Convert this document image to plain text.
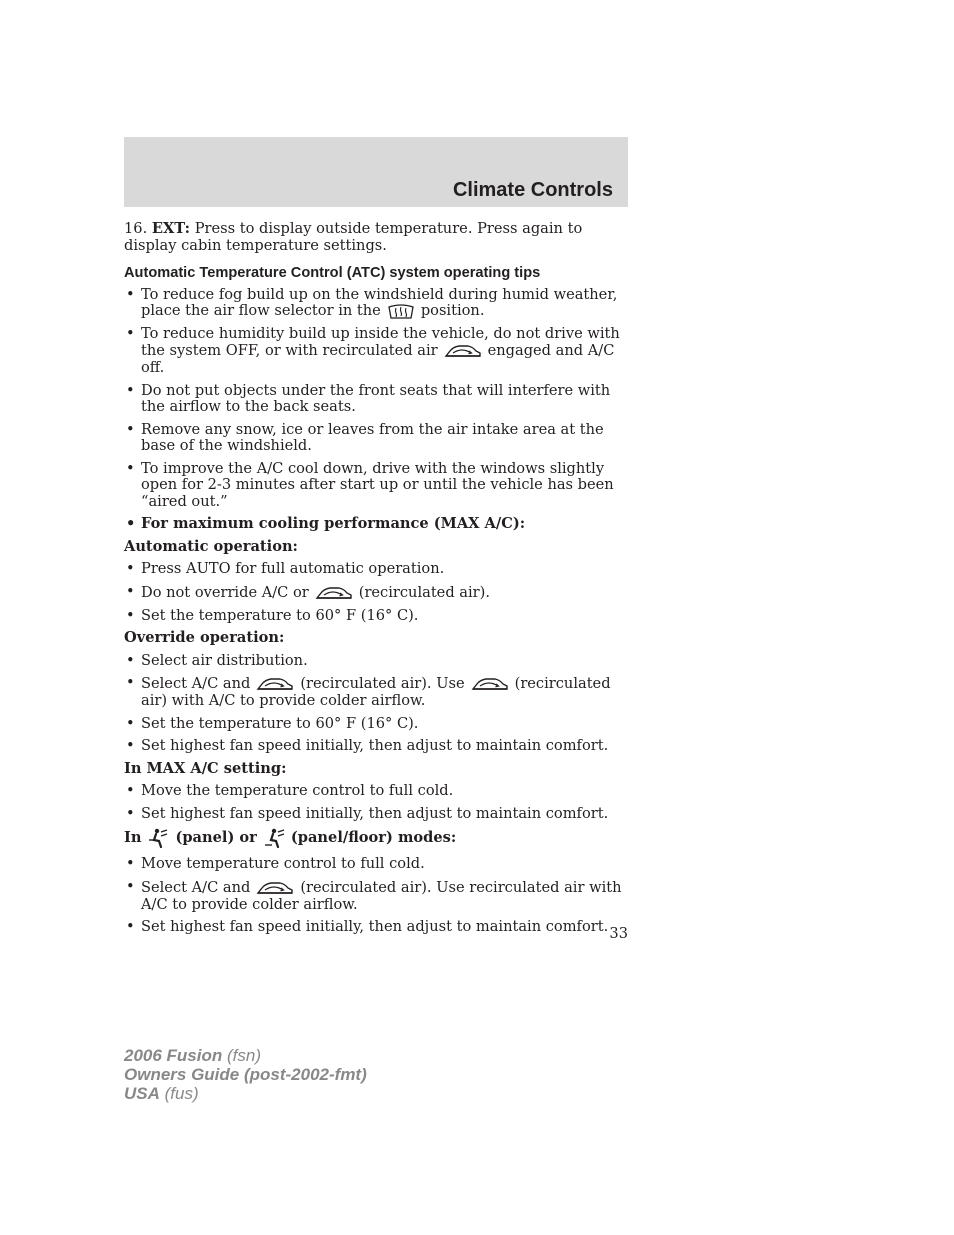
Climate Controls

16. EXT: Press to display outside temperature. Press again to display cabin temperature settings.

Automatic Temperature Control (ATC) system operating tips

• To reduce fog build up on the windshield during humid weather, place the air flow selector in the	position.
• To reduce humidity build up inside the vehicle, do not drive with the system OFF, or with recirculated air	engaged and A/C off.
• Do not put objects under the front seats that will interfere with the airflow to the back seats.
• Remove any snow, ice or leaves from the air intake area at the base of the windshield.
• To improve the A/C cool down, drive with the windows slightly open for 2-3 minutes after start up or until the vehicle has been “aired out.”
• For maximum cooling performance (MAX A/C):

Automatic operation:

• Press AUTO for full automatic operation.
• Do not override A/C or	(recirculated air).
• Set the temperature to 60° F (16° C).

Override operation:

• Select air distribution.
• Select A/C and	(recirculated air). Use	(recirculated air) with A/C to provide colder airflow.
• Set the temperature to 60° F (16° C).
• Set highest fan speed initially, then adjust to maintain comfort.

In MAX A/C setting:

• Move the temperature control to full cold.
• Set highest fan speed initially, then adjust to maintain comfort.

In (panel) or (panel/floor) modes:

• Move temperature control to full cold.
• Select A/C and	(recirculated air). Use recirculated air with A/C to provide colder airflow.
• Set highest fan speed initially, then adjust to maintain comfort. 33
2006 Fusion (fsn)
Owners Guide (post-2002-fmt)
USA (fus)
